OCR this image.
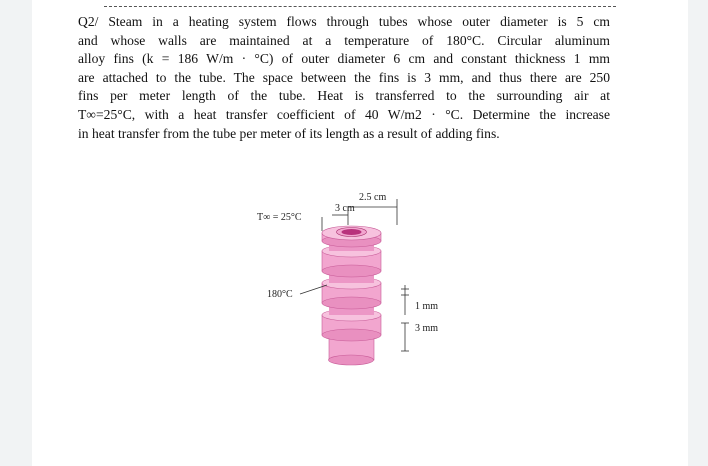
Q2/ Steam in a heating system flows through tubes whose outer diameter is 5 cm
and whose walls are maintained at a temperature of 180°C. Circular aluminum
alloy fins (k = 186 W/m · °C) of outer diameter 6 cm and constant thickness 1 mm
are attached to the tube. The space between the fins is 3 mm, and thus there are 250
fins per meter length of the tube. Heat is transferred to the surrounding air at
T∞=25°C, with a heat transfer coefficient of 40 W/m2 · °C. Determine the increase
in heat transfer from the tube per meter of its length as a result of adding fins.
2.5 cm
3 cm
T∞ = 25°C
180°C
1 mm
3 mm
